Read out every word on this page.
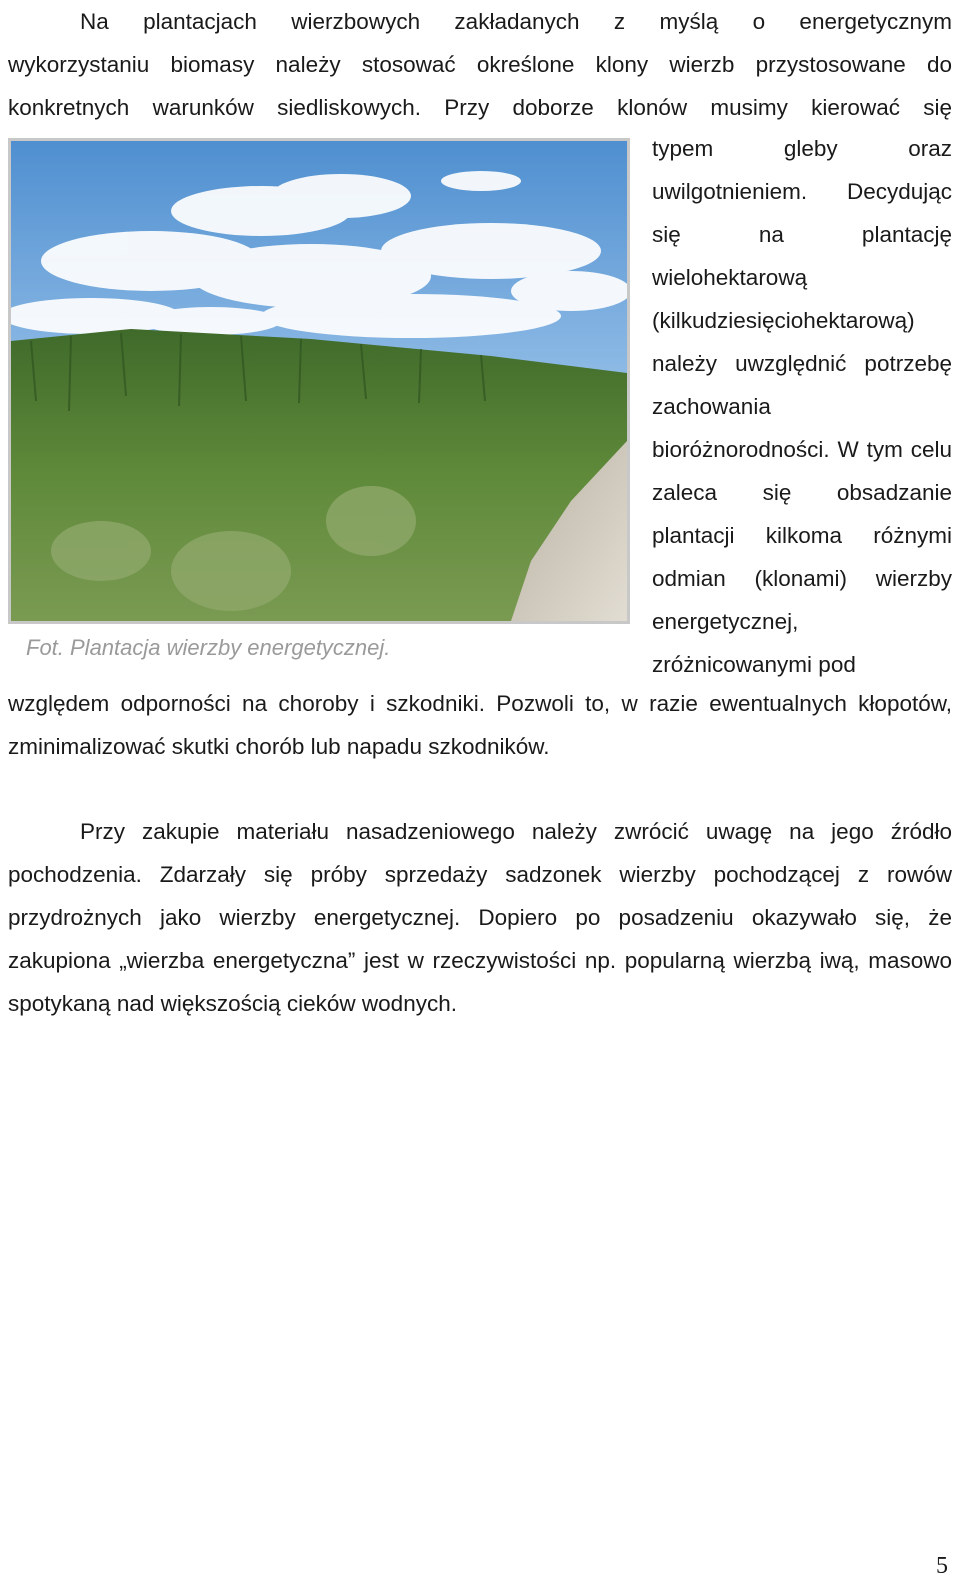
Na plantacjach wierzbowych zakładanych z myślą o energetycznym

wykorzystaniu biomasy należy stosować określone klony wierzb przystosowane do

konkretnych warunków siedliskowych. Przy doborze klonów musimy kierować się

Fot. Plantacja wierzby energetycznej.

typem gleby oraz uwilgotnieniem. Decydując się na plantację wielohektarową (kilkudziesięciohektarową) należy uwzględnić potrzebę zachowania bioróżnorodności. W tym celu zaleca się obsadzanie plantacji kilkoma różnymi odmian (klonami) wierzby energetycznej, zróżnicowanymi pod

względem odporności na choroby i szkodniki. Pozwoli to, w razie ewentualnych kłopotów, zminimalizować skutki chorób lub napadu szkodników.

Przy zakupie materiału nasadzeniowego należy zwrócić uwagę na jego źródło pochodzenia. Zdarzały się próby sprzedaży sadzonek wierzby pochodzącej z rowów przydrożnych jako wierzby energetycznej. Dopiero po posadzeniu okazywało się, że zakupiona „wierzba energetyczna” jest w rzeczywistości np. popularną wierzbą iwą, masowo spotykaną nad większością cieków wodnych.

5
